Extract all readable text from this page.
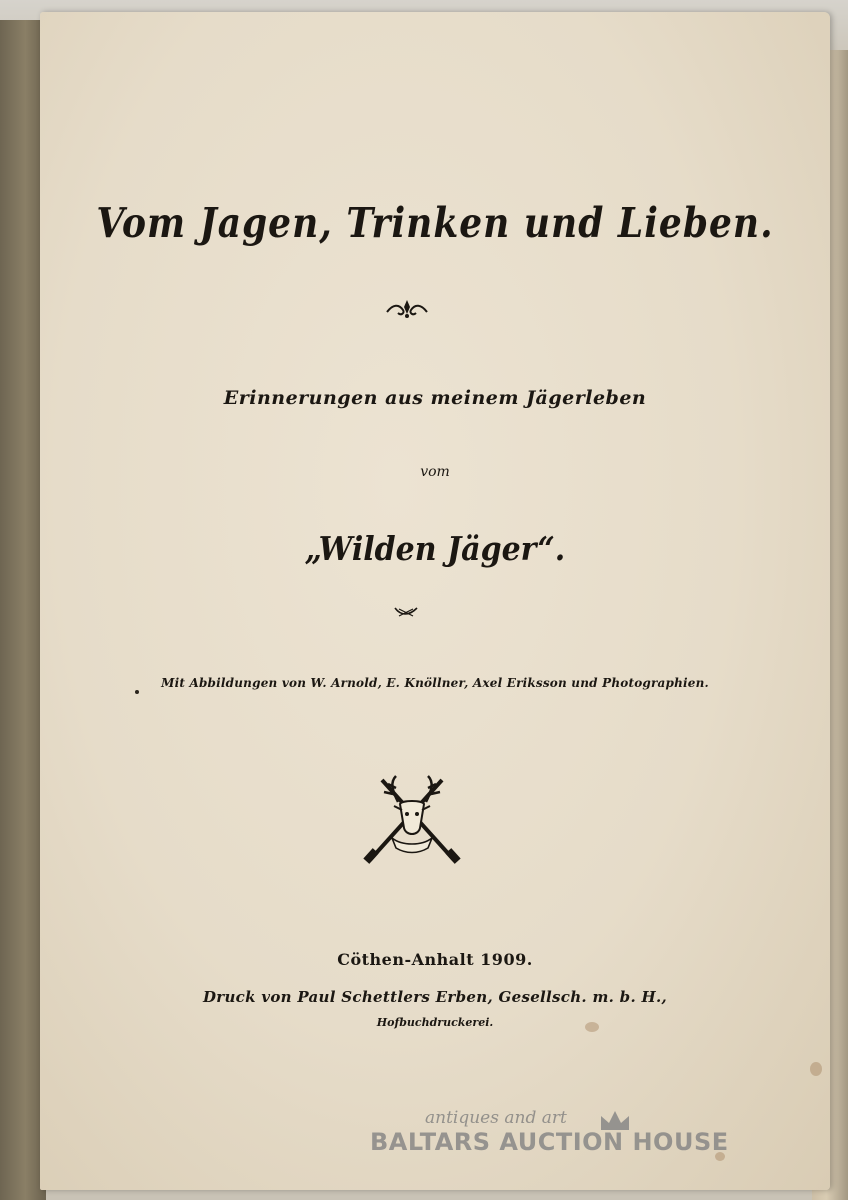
Vom Jagen, Trinken und Lieben.
Erinnerungen aus meinem Jägerleben
vom
„Wilden Jäger“.
Mit Abbildungen von W. Arnold, E. Knöllner, Axel Eriksson und Photographien.
Cöthen-Anhalt 1909.
Druck von Paul Schettlers Erben, Gesellsch. m. b. H.,
Hofbuchdruckerei.
antiques and art
BALTARS AUCTION HOUSE
